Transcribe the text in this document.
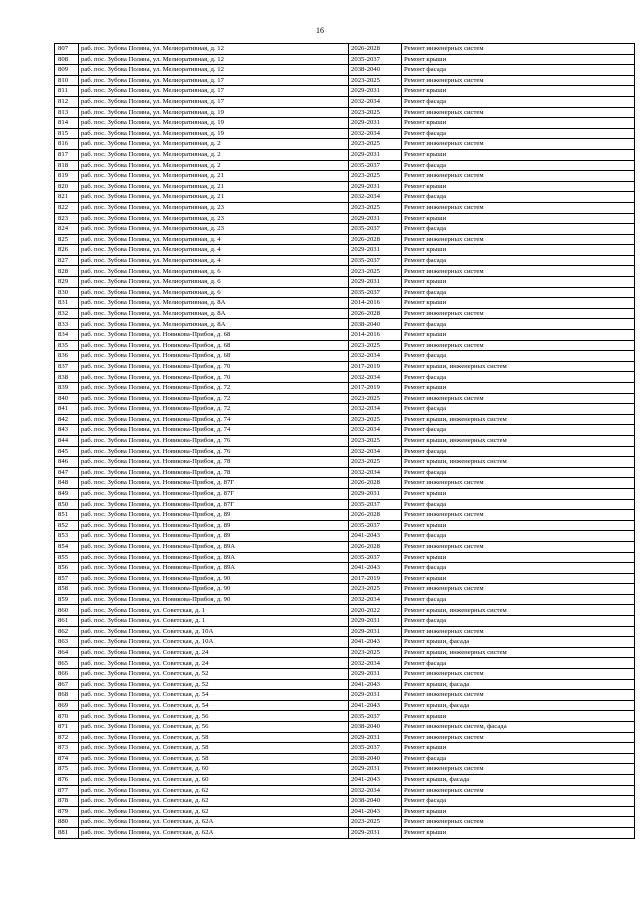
16
807	раб. пос. Зубова Поляна, ул. Мелиоративная, д. 12	2026-2028	Ремонт инженерных систем
808	раб. пос. Зубова Поляна, ул. Мелиоративная, д. 12	2035-2037	Ремонт крыши
809	раб. пос. Зубова Поляна, ул. Мелиоративная, д. 12	2038-2040	Ремонт фасада
810	раб. пос. Зубова Поляна, ул. Мелиоративная, д. 17	2023-2025	Ремонт инженерных систем
811	раб. пос. Зубова Поляна, ул. Мелиоративная, д. 17	2029-2031	Ремонт крыши
812	раб. пос. Зубова Поляна, ул. Мелиоративная, д. 17	2032-2034	Ремонт фасада
813	раб. пос. Зубова Поляна, ул. Мелиоративная, д. 19	2023-2025	Ремонт инженерных систем
814	раб. пос. Зубова Поляна, ул. Мелиоративная, д. 19	2029-2031	Ремонт крыши
815	раб. пос. Зубова Поляна, ул. Мелиоративная, д. 19	2032-2034	Ремонт фасада
816	раб. пос. Зубова Поляна, ул. Мелиоративная, д. 2	2023-2025	Ремонт инженерных систем
817	раб. пос. Зубова Поляна, ул. Мелиоративная, д. 2	2029-2031	Ремонт крыши
818	раб. пос. Зубова Поляна, ул. Мелиоративная, д. 2	2035-2037	Ремонт фасада
819	раб. пос. Зубова Поляна, ул. Мелиоративная, д. 21	2023-2025	Ремонт инженерных систем
820	раб. пос. Зубова Поляна, ул. Мелиоративная, д. 21	2029-2031	Ремонт крыши
821	раб. пос. Зубова Поляна, ул. Мелиоративная, д. 21	2032-2034	Ремонт фасада
822	раб. пос. Зубова Поляна, ул. Мелиоративная, д. 23	2023-2025	Ремонт инженерных систем
823	раб. пос. Зубова Поляна, ул. Мелиоративная, д. 23	2029-2031	Ремонт крыши
824	раб. пос. Зубова Поляна, ул. Мелиоративная, д. 23	2035-2037	Ремонт фасада
825	раб. пос. Зубова Поляна, ул. Мелиоративная, д. 4	2026-2028	Ремонт инженерных систем
826	раб. пос. Зубова Поляна, ул. Мелиоративная, д. 4	2029-2031	Ремонт крыши
827	раб. пос. Зубова Поляна, ул. Мелиоративная, д. 4	2035-2037	Ремонт фасада
828	раб. пос. Зубова Поляна, ул. Мелиоративная, д. 6	2023-2025	Ремонт инженерных систем
829	раб. пос. Зубова Поляна, ул. Мелиоративная, д. 6	2029-2031	Ремонт крыши
830	раб. пос. Зубова Поляна, ул. Мелиоративная, д. 6	2035-2037	Ремонт фасада
831	раб. пос. Зубова Поляна, ул. Мелиоративная, д. 8А	2014-2016	Ремонт крыши
832	раб. пос. Зубова Поляна, ул. Мелиоративная, д. 8А	2026-2028	Ремонт инженерных систем
833	раб. пос. Зубова Поляна, ул. Мелиоративная, д. 8А	2038-2040	Ремонт фасада
834	раб. пос. Зубова Поляна, ул. Новикова-Прибоя, д. 68	2014-2016	Ремонт крыши
835	раб. пос. Зубова Поляна, ул. Новикова-Прибоя, д. 68	2023-2025	Ремонт инженерных систем
836	раб. пос. Зубова Поляна, ул. Новикова-Прибоя, д. 68	2032-2034	Ремонт фасада
837	раб. пос. Зубова Поляна, ул. Новикова-Прибоя, д. 70	2017-2019	Ремонт крыши, инженерных систем
838	раб. пос. Зубова Поляна, ул. Новикова-Прибоя, д. 70	2032-2034	Ремонт фасада
839	раб. пос. Зубова Поляна, ул. Новикова-Прибоя, д. 72	2017-2019	Ремонт крыши
840	раб. пос. Зубова Поляна, ул. Новикова-Прибоя, д. 72	2023-2025	Ремонт инженерных систем
841	раб. пос. Зубова Поляна, ул. Новикова-Прибоя, д. 72	2032-2034	Ремонт фасада
842	раб. пос. Зубова Поляна, ул. Новикова-Прибоя, д. 74	2023-2025	Ремонт крыши, инженерных систем
843	раб. пос. Зубова Поляна, ул. Новикова-Прибоя, д. 74	2032-2034	Ремонт фасада
844	раб. пос. Зубова Поляна, ул. Новикова-Прибоя, д. 76	2023-2025	Ремонт крыши, инженерных систем
845	раб. пос. Зубова Поляна, ул. Новикова-Прибоя, д. 76	2032-2034	Ремонт фасада
846	раб. пос. Зубова Поляна, ул. Новикова-Прибоя, д. 78	2023-2025	Ремонт крыши, инженерных систем
847	раб. пос. Зубова Поляна, ул. Новикова-Прибоя, д. 78	2032-2034	Ремонт фасада
848	раб. пос. Зубова Поляна, ул. Новикова-Прибоя, д. 87Г	2026-2028	Ремонт инженерных систем
849	раб. пос. Зубова Поляна, ул. Новикова-Прибоя, д. 87Г	2029-2031	Ремонт крыши
850	раб. пос. Зубова Поляна, ул. Новикова-Прибоя, д. 87Г	2035-2037	Ремонт фасада
851	раб. пос. Зубова Поляна, ул. Новикова-Прибоя, д. 89	2026-2028	Ремонт инженерных систем
852	раб. пос. Зубова Поляна, ул. Новикова-Прибоя, д. 89	2035-2037	Ремонт крыши
853	раб. пос. Зубова Поляна, ул. Новикова-Прибоя, д. 89	2041-2043	Ремонт фасада
854	раб. пос. Зубова Поляна, ул. Новикова-Прибоя, д. 89А	2026-2028	Ремонт инженерных систем
855	раб. пос. Зубова Поляна, ул. Новикова-Прибоя, д. 89А	2035-2037	Ремонт крыши
856	раб. пос. Зубова Поляна, ул. Новикова-Прибоя, д. 89А	2041-2043	Ремонт фасада
857	раб. пос. Зубова Поляна, ул. Новикова-Прибоя, д. 90	2017-2019	Ремонт крыши
858	раб. пос. Зубова Поляна, ул. Новикова-Прибоя, д. 90	2023-2025	Ремонт инженерных систем
859	раб. пос. Зубова Поляна, ул. Новикова-Прибоя, д. 90	2032-2034	Ремонт фасада
860	раб. пос. Зубова Поляна, ул. Советская, д. 1	2020-2022	Ремонт крыши, инженерных систем
861	раб. пос. Зубова Поляна, ул. Советская, д. 1	2029-2031	Ремонт фасада
862	раб. пос. Зубова Поляна, ул. Советская, д. 10А	2029-2031	Ремонт инженерных систем
863	раб. пос. Зубова Поляна, ул. Советская, д. 10А	2041-2043	Ремонт крыши, фасада
864	раб. пос. Зубова Поляна, ул. Советская, д. 24	2023-2025	Ремонт крыши, инженерных систем
865	раб. пос. Зубова Поляна, ул. Советская, д. 24	2032-2034	Ремонт фасада
866	раб. пос. Зубова Поляна, ул. Советская, д. 52	2029-2031	Ремонт инженерных систем
867	раб. пос. Зубова Поляна, ул. Советская, д. 52	2041-2043	Ремонт крыши, фасада
868	раб. пос. Зубова Поляна, ул. Советская, д. 54	2029-2031	Ремонт инженерных систем
869	раб. пос. Зубова Поляна, ул. Советская, д. 54	2041-2043	Ремонт крыши, фасада
870	раб. пос. Зубова Поляна, ул. Советская, д. 56	2035-2037	Ремонт крыши
871	раб. пос. Зубова Поляна, ул. Советская, д. 56	2038-2040	Ремонт инженерных систем, фасада
872	раб. пос. Зубова Поляна, ул. Советская, д. 58	2029-2031	Ремонт инженерных систем
873	раб. пос. Зубова Поляна, ул. Советская, д. 58	2035-2037	Ремонт крыши
874	раб. пос. Зубова Поляна, ул. Советская, д. 58	2038-2040	Ремонт фасада
875	раб. пос. Зубова Поляна, ул. Советская, д. 60	2029-2031	Ремонт инженерных систем
876	раб. пос. Зубова Поляна, ул. Советская, д. 60	2041-2043	Ремонт крыши, фасада
877	раб. пос. Зубова Поляна, ул. Советская, д. 62	2032-2034	Ремонт инженерных систем
878	раб. пос. Зубова Поляна, ул. Советская, д. 62	2038-2040	Ремонт фасада
879	раб. пос. Зубова Поляна, ул. Советская, д. 62	2041-2043	Ремонт крыши
880	раб. пос. Зубова Поляна, ул. Советская, д. 62А	2023-2025	Ремонт инженерных систем
881	раб. пос. Зубова Поляна, ул. Советская, д. 62А	2029-2031	Ремонт крыши
